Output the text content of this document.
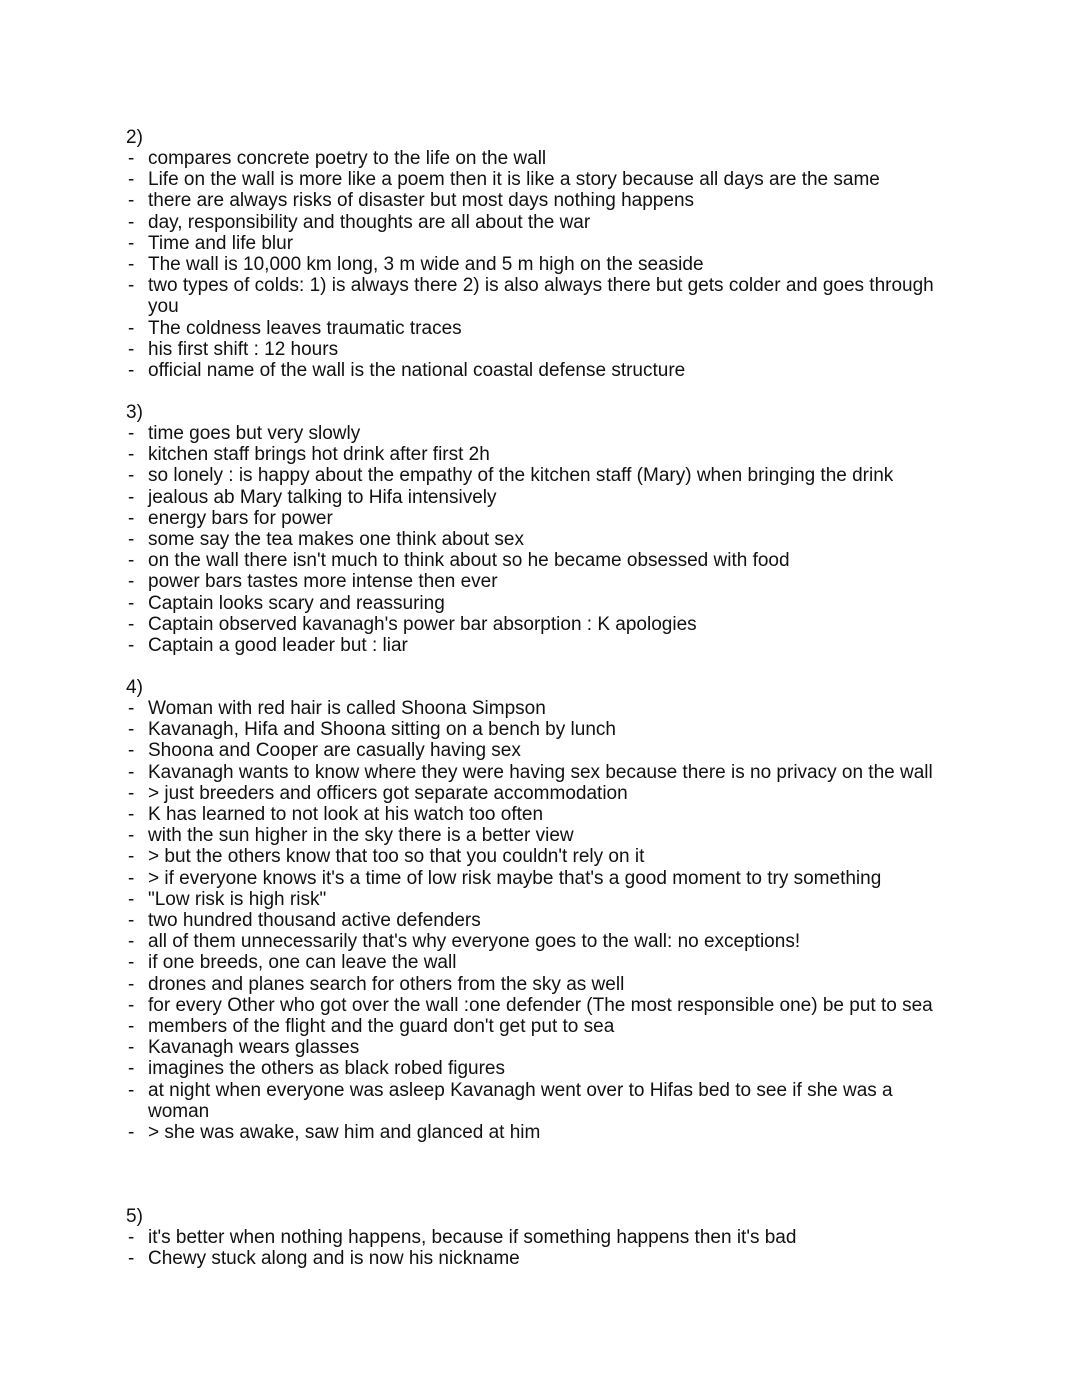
2)
- compares concrete poetry to the life on the wall
- Life on the wall is more like a poem then it is like a story because all days are the same
- there are always risks of disaster but most days nothing happens
- day, responsibility and thoughts are all about the war
- Time and life blur
- The wall is 10,000 km long, 3 m wide and 5 m high on the seaside
- two types of colds: 1) is always there 2) is also always there but gets colder and goes through you
- The coldness leaves traumatic traces
- his first shift : 12 hours
- official name of the wall is the national coastal defense structure
3)
- time goes but very slowly
- kitchen staff brings hot drink after first 2h
- so lonely : is happy about the empathy of the kitchen staff (Mary) when bringing the drink
- jealous ab Mary talking to Hifa intensively
- energy bars for power
- some say the tea makes one think about sex
- on the wall there isn't much to think about so he became obsessed with food
- power bars tastes more intense then ever
- Captain looks scary and reassuring
- Captain observed kavanagh's power bar absorption : K apologies
- Captain a good leader but : liar
4)
- Woman with red hair is called Shoona Simpson
- Kavanagh, Hifa and Shoona sitting on a bench by lunch
- Shoona and Cooper are casually having sex
- Kavanagh wants to know where they were having sex because there is no privacy on the wall
- > just breeders and officers got separate accommodation
- K has learned to not look at his watch too often
- with the sun higher in the sky there is a better view
- > but the others know that too so that you couldn't rely on it
- > if everyone knows it's a time of low risk maybe that's a good moment to try something
- "Low risk is high risk"
- two hundred thousand active defenders
- all of them unnecessarily that's why everyone goes to the wall: no exceptions!
- if one breeds, one can leave the wall
- drones and planes search for others from the sky as well
- for every Other who got over the wall :one defender (The most responsible one) be put to sea
- members of the flight and the guard don't get put to sea
- Kavanagh wears glasses
- imagines the others as black robed figures
- at night when everyone was asleep Kavanagh went over to Hifas bed to see if she was a woman
- > she was awake, saw him and glanced at him
5)
- it's better when nothing happens, because if something happens then it's bad
- Chewy stuck along and is now his nickname
